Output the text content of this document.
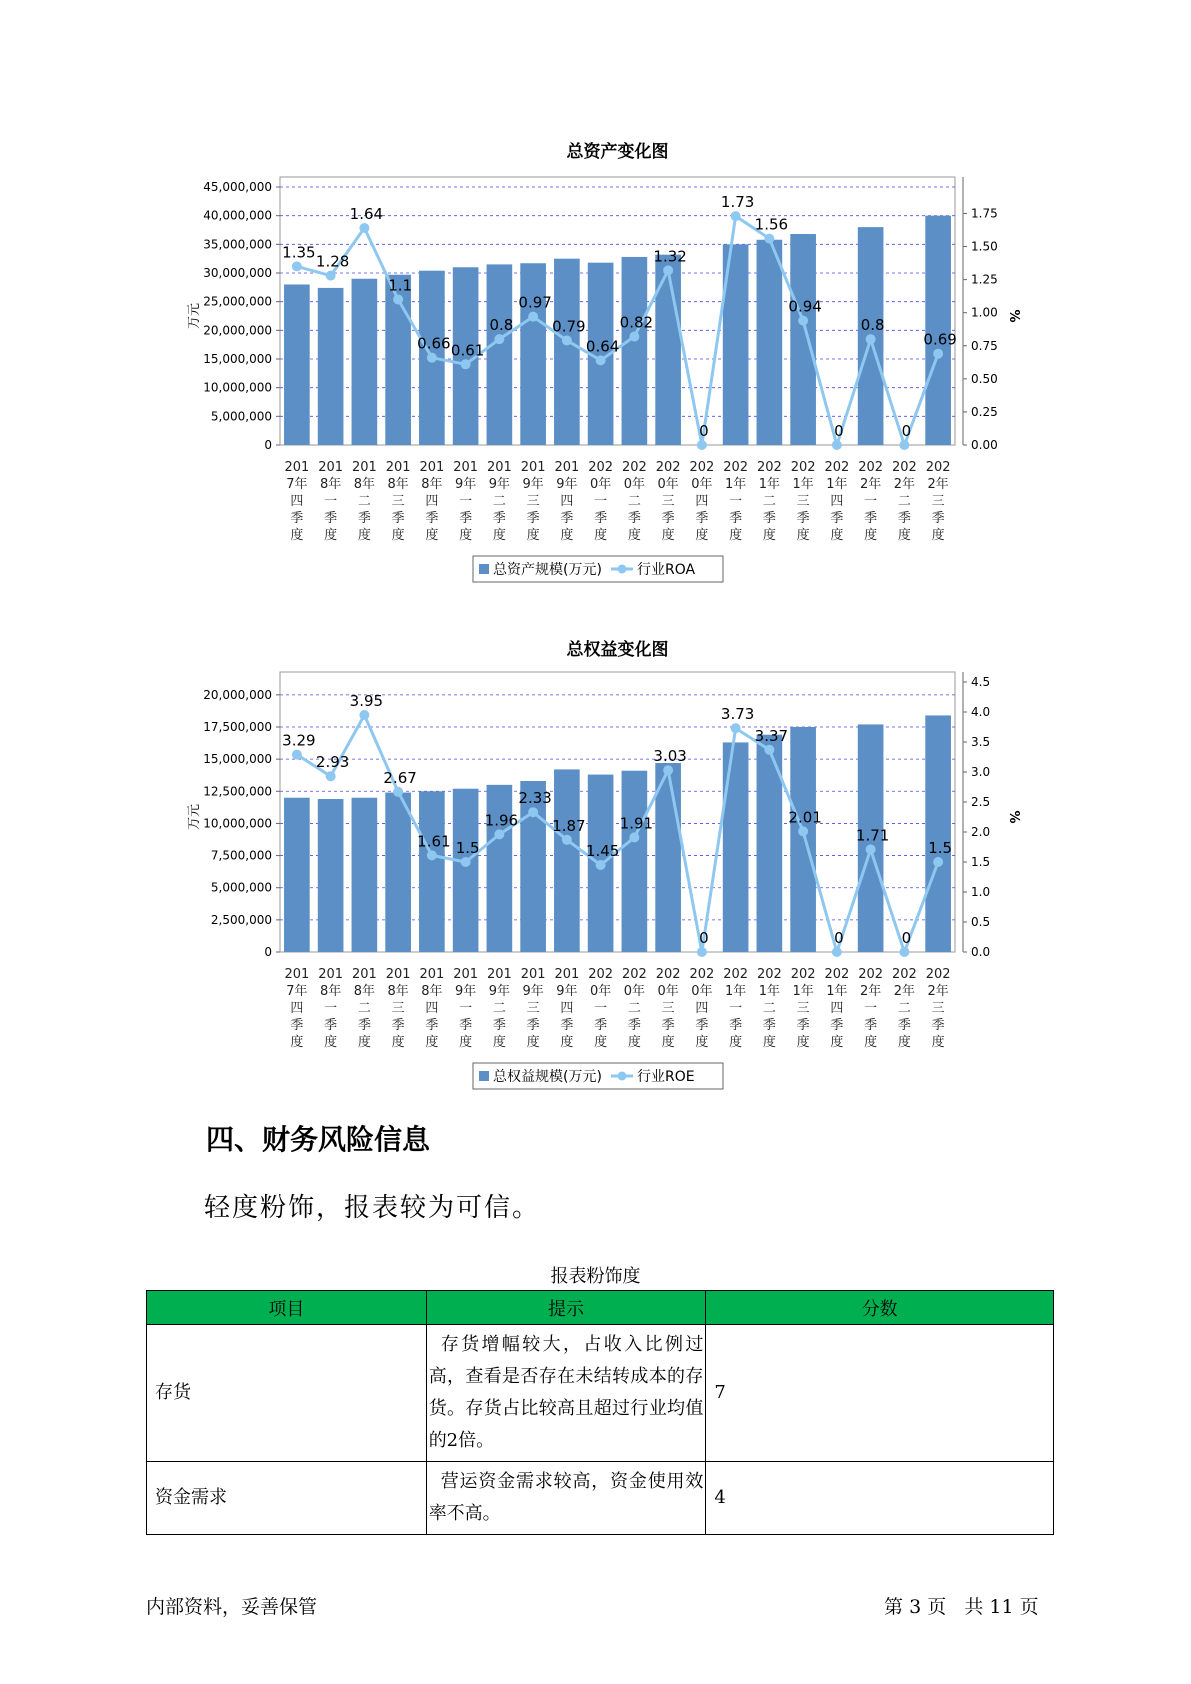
总资产变化图
0
5,000,000
10,000,000
15,000,000
20,000,000
25,000,000
30,000,000
35,000,000
40,000,000
45,000,000
0.00
0.25
0.50
0.75
1.00
1.25
1.50
1.75
万元	%
1.35
1.28
1.64
1.1
0.66 0.61
0.8
0.97
0.79
0.64
0.82
1.32
0
1.73
1.56
0.94
0
0.8
0
0.69
201
7年
四
季
度
201
8年
一
季
度
201
8年
二
季
度
201
8年
三
季
度
201
8年
四
季
度
201
9年
一
季
度
201
9年
二
季
度
201
9年
三
季
度
201
9年
四
季
度
202
0年
一
季
度
202
0年
二
季
度
202
0年
三
季
度
202
0年
四
季
度
202
1年
一
季
度
202
1年
二
季
度
202
1年
三
季
度
202
1年
四
季
度
202
2年
一
季
度
202
2年
二
季
度
202
2年
三
季
度
总资产规模(万元)	行业ROA
总权益变化图
0
2,500,000
5,000,000
7,500,000
10,000,000
12,500,000
15,000,000
17,500,000
20,000,000
0.0
0.5
1.0
1.5
2.0
2.5
3.0
3.5
4.0
4.5
万元	%
3.29
2.93
3.95
2.67
1.61 1.5
1.96
2.33
1.87
1.45
1.91
3.03
0
3.73
3.37
2.01
0
1.71
0
1.5
201
7年
四
季
度
201
8年
一
季
度
201
8年
二
季
度
201
8年
三
季
度
201
8年
四
季
度
201
9年
一
季
度
201
9年
二
季
度
201
9年
三
季
度
201
9年
四
季
度
202
0年
一
季
度
202
0年
二
季
度
202
0年
三
季
度
202
0年
四
季
度
202
1年
一
季
度
202
1年
二
季
度
202
1年
三
季
度
202
1年
四
季
度
202
2年
一
季
度
202
2年
二
季
度
202
2年
三
季
度
总权益规模(万元)	行业ROE
四、财务风险信息
轻度粉饰，报表较为可信。
报表粉饰度
项目	提示	分数
存货	存货增幅较大，占收入比例过高，查看是否存在未结转成本的存货。存货占比较高且超过行业均值的2倍。	7
资金需求	营运资金需求较高，资金使用效率不高。	4
内部资料，妥善保管	第 3 页 共 11 页
